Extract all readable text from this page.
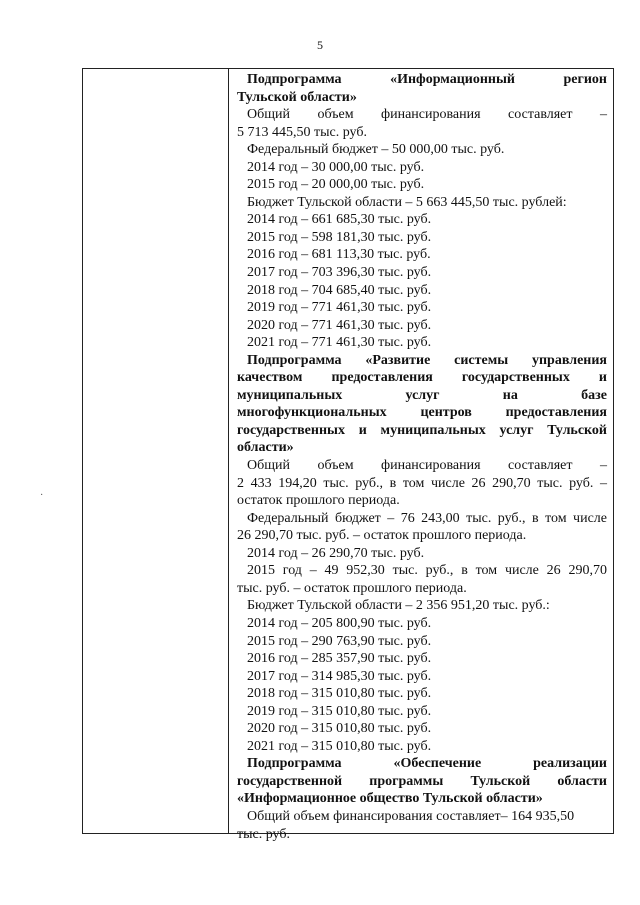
5
·
Подпрограмма «Информационный регион
Тульской области»
Общий объем финансирования составляет –
5 713 445,50 тыс. руб.
Федеральный бюджет – 50 000,00 тыс. руб.
2014 год – 30 000,00 тыс. руб.
2015 год – 20 000,00 тыс. руб.
Бюджет Тульской области – 5 663 445,50 тыс. рублей:
2014 год – 661 685,30 тыс. руб.
2015 год – 598 181,30 тыс. руб.
2016 год – 681 113,30 тыс. руб.
2017 год – 703 396,30 тыс. руб.
2018 год – 704 685,40 тыс. руб.
2019 год – 771 461,30 тыс. руб.
2020 год – 771 461,30 тыс. руб.
2021 год – 771 461,30 тыс. руб.
Подпрограмма «Развитие системы управления
качеством предоставления государственных и
муниципальных услуг на базе
многофункциональных центров предоставления
государственных и муниципальных услуг Тульской
области»
Общий объем финансирования составляет –
2 433 194,20 тыс. руб., в том числе 26 290,70 тыс. руб. –
остаток прошлого периода.
Федеральный бюджет – 76 243,00 тыс. руб., в том числе
26 290,70 тыс. руб. – остаток прошлого периода.
2014 год – 26 290,70 тыс. руб.
2015 год – 49 952,30 тыс. руб., в том числе 26 290,70
тыс. руб. – остаток прошлого периода.
Бюджет Тульской области – 2 356 951,20 тыс. руб.:
2014 год – 205 800,90 тыс. руб.
2015 год – 290 763,90 тыс. руб.
2016 год – 285 357,90 тыс. руб.
2017 год – 314 985,30 тыс. руб.
2018 год – 315 010,80 тыс. руб.
2019 год – 315 010,80 тыс. руб.
2020 год – 315 010,80 тыс. руб.
2021 год – 315 010,80 тыс. руб.
Подпрограмма «Обеспечение реализации
государственной программы Тульской области
«Информационное общество Тульской области»
Общий объем финансирования составляет– 164 935,50
тыс. руб.
